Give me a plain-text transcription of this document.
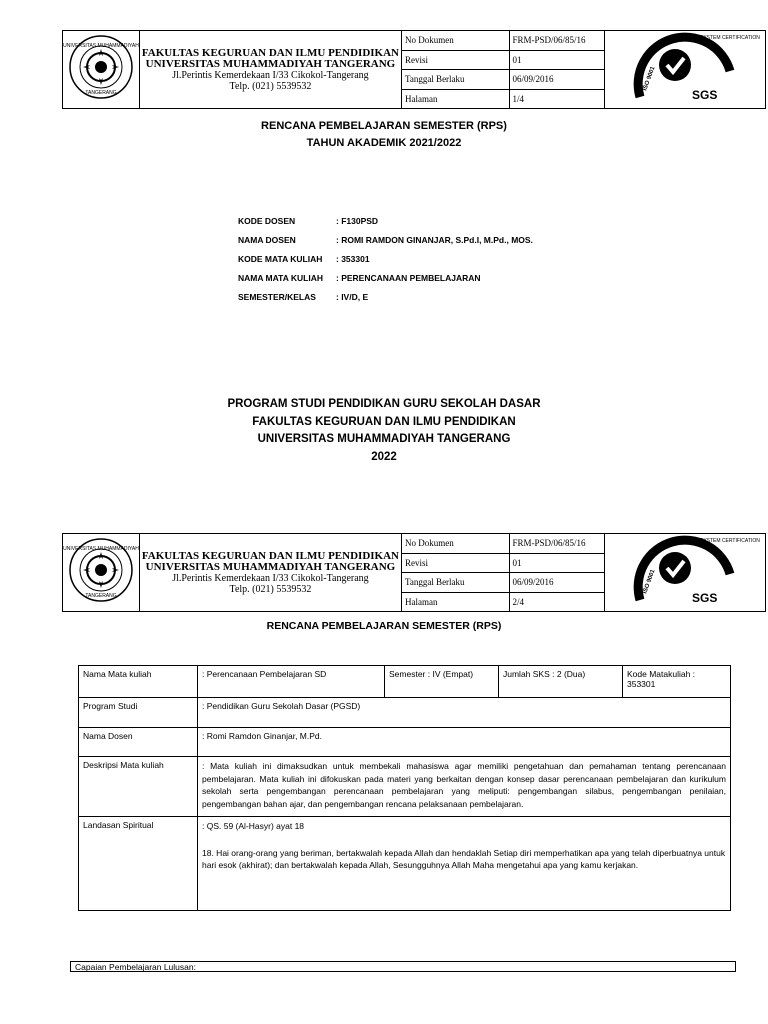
UNIVERSITAS MUHAMMADIYAH
TANGERANG	FAKULTAS KEGURUAN DAN ILMU PENDIDIKAN
UNIVERSITAS MUHAMMADIYAH TANGERANG
Jl.Perintis Kemerdekaan I/33 Cikokol-Tangerang
Telp. (021) 5539532	No Dokumen	FRM-PSD/06/85/16	SYSTEM CERTIFICATION
ISO 9001
SGS

		Revisi	01	
		Tanggal Berlaku	06/09/2016	
		Halaman	1/4	
RENCANA PEMBELAJARAN SEMESTER (RPS)
TAHUN AKADEMIK 2021/2022
KODE DOSEN	: F130PSD
NAMA DOSEN	: ROMI RAMDON GINANJAR, S.Pd.I, M.Pd., MOS.
KODE MATA KULIAH	: 353301
NAMA MATA KULIAH	: PERENCANAAN PEMBELAJARAN
SEMESTER/KELAS	: IV/D, E
PROGRAM STUDI PENDIDIKAN GURU SEKOLAH DASAR
FAKULTAS KEGURUAN DAN ILMU PENDIDIKAN
UNIVERSITAS MUHAMMADIYAH TANGERANG
2022
UNIVERSITAS MUHAMMADIYAH
TANGERANG	FAKULTAS KEGURUAN DAN ILMU PENDIDIKAN
UNIVERSITAS MUHAMMADIYAH TANGERANG
Jl.Perintis Kemerdekaan I/33 Cikokol-Tangerang
Telp. (021) 5539532	No Dokumen	FRM-PSD/06/85/16	SYSTEM CERTIFICATION
ISO 9001
SGS

		Revisi	01	
		Tanggal Berlaku	06/09/2016	
		Halaman	2/4	
RENCANA PEMBELAJARAN SEMESTER (RPS)
Nama Mata kuliah	: Perencanaan Pembelajaran SD	Semester : IV (Empat)	Jumlah SKS : 2 (Dua)	Kode Matakuliah :
353301

Program Studi	: Pendidikan Guru Sekolah Dasar (PGSD)			
Nama Dosen	: Romi Ramdon Ginanjar, M.Pd.			
Deskripsi Mata kuliah	: Mata kuliah ini dimaksudkan untuk membekali mahasiswa agar memiliki pengetahuan dan pemahaman tentang perencanaan pembelajaran. Mata kuliah ini difokuskan pada materi yang berkaitan dengan konsep dasar perencanaan pembelajaran dan kurikulum sekolah serta pengembangan perencanaan pembelajaran yang meliputi: pengembangan silabus, pengembangan penilaian, pengembangan bahan ajar, dan pengembangan rencana pelaksanaan pembelajaran.			
Landasan Spiritual	: QS. 59 (Al-Hasyr) ayat 18
18. Hai orang-orang yang beriman, bertakwalah kepada Allah dan hendaklah Setiap diri memperhatikan apa yang telah diperbuatnya untuk hari esok (akhirat); dan bertakwalah kepada Allah, Sesungguhnya Allah Maha mengetahui apa yang kamu kerjakan.			
Capaian Pembelajaran Lulusan:
